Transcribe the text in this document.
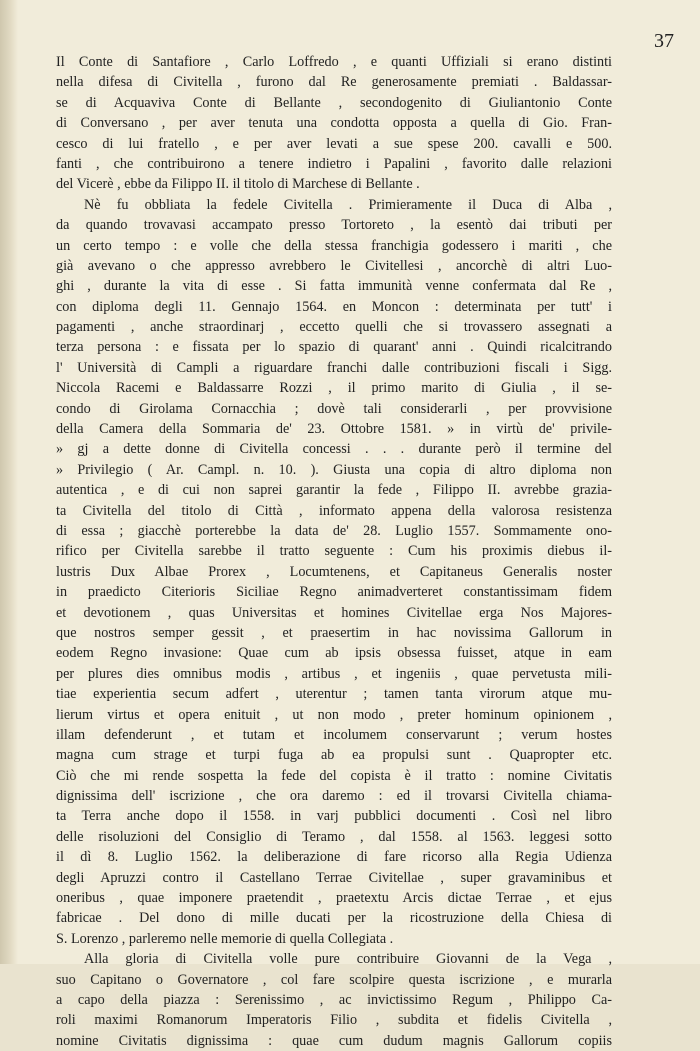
37
Il Conte di Santafiore , Carlo Loffredo , e quanti Uffiziali si erano distinti
nella difesa di Civitella , furono dal Re generosamente premiati . Baldassar-
se di Acquaviva Conte di Bellante , secondogenito di Giuliantonio Conte
di Conversano , per aver tenuta una condotta opposta a quella di Gio. Fran-
cesco di lui fratello , e per aver levati a sue spese 200. cavalli e 500.
fanti , che contribuirono a tenere indietro i Papalini , favorito dalle relazioni
del Vicerè , ebbe da Filippo II. il titolo di Marchese di Bellante .
Nè fu obbliata la fedele Civitella . Primieramente il Duca di Alba ,
da quando trovavasi accampato presso Tortoreto , la esentò dai tributi per
un certo tempo : e volle che della stessa franchigia godessero i mariti , che
già avevano o che appresso avrebbero le Civitellesi , ancorchè di altri Luo-
ghi , durante la vita di esse . Si fatta immunità venne confermata dal Re ,
con diploma degli 11. Gennajo 1564. en Moncon : determinata per tutt' i
pagamenti , anche straordinarj , eccetto quelli che si trovassero assegnati a
terza persona : e fissata per lo spazio di quarant' anni . Quindi ricalcitrando
l' Università di Campli a riguardare franchi dalle contribuzioni fiscali i Sigg.
Niccola Racemi e Baldassarre Rozzi , il primo marito di Giulia , il se-
condo di Girolama Cornacchia ; dovè tali considerarli , per provvisione
della Camera della Sommaria de' 23. Ottobre 1581. » in virtù de' privile-
» gj a dette donne di Civitella concessi . . . durante però il termine del
» Privilegio ( Ar. Campl. n. 10. ). Giusta una copia di altro diploma non
autentica , e di cui non saprei garantir la fede , Filippo II. avrebbe grazia-
ta Civitella del titolo di Città , informato appena della valorosa resistenza
di essa ; giacchè porterebbe la data de' 28. Luglio 1557. Sommamente ono-
rifico per Civitella sarebbe il tratto seguente : Cum his proximis diebus il-
lustris Dux Albae Prorex , Locumtenens, et Capitaneus Generalis noster
in praedicto Citerioris Siciliae Regno animadverteret constantissimam fidem
et devotionem , quas Universitas et homines Civitellae erga Nos Majores-
que nostros semper gessit , et praesertim in hac novissima Gallorum in
eodem Regno invasione: Quae cum ab ipsis obsessa fuisset, atque in eam
per plures dies omnibus modis , artibus , et ingeniis , quae pervetusta mili-
tiae experientia secum adfert , uterentur ; tamen tanta virorum atque mu-
lierum virtus et opera enituit , ut non modo , preter hominum opinionem ,
illam defenderunt , et tutam et incolumem conservarunt ; verum hostes
magna cum strage et turpi fuga ab ea propulsi sunt . Quapropter etc.
Ciò che mi rende sospetta la fede del copista è il tratto : nomine Civitatis
dignissima dell' iscrizione , che ora daremo : ed il trovarsi Civitella chiama-
ta Terra anche dopo il 1558. in varj pubblici documenti . Così nel libro
delle risoluzioni del Consiglio di Teramo , dal 1558. al 1563. leggesi sotto
il dì 8. Luglio 1562. la deliberazione di fare ricorso alla Regia Udienza
degli Apruzzi contro il Castellano Terrae Civitellae , super gravaminibus et
oneribus , quae imponere praetendit , praetextu Arcis dictae Terrae , et ejus
fabricae . Del dono di mille ducati per la ricostruzione della Chiesa di
S. Lorenzo , parleremo nelle memorie di quella Collegiata .
Alla gloria di Civitella volle pure contribuire Giovanni de la Vega ,
suo Capitano o Governatore , col fare scolpire questa iscrizione , e murarla
a capo della piazza : Serenissimo , ac invictissimo Regum , Philippo Ca-
roli maximi Romanorum Imperatoris Filio , subdita et fidelis Civitella ,
nomine Civitatis dignissima : quae cum dudum magnis Gallorum copiis
